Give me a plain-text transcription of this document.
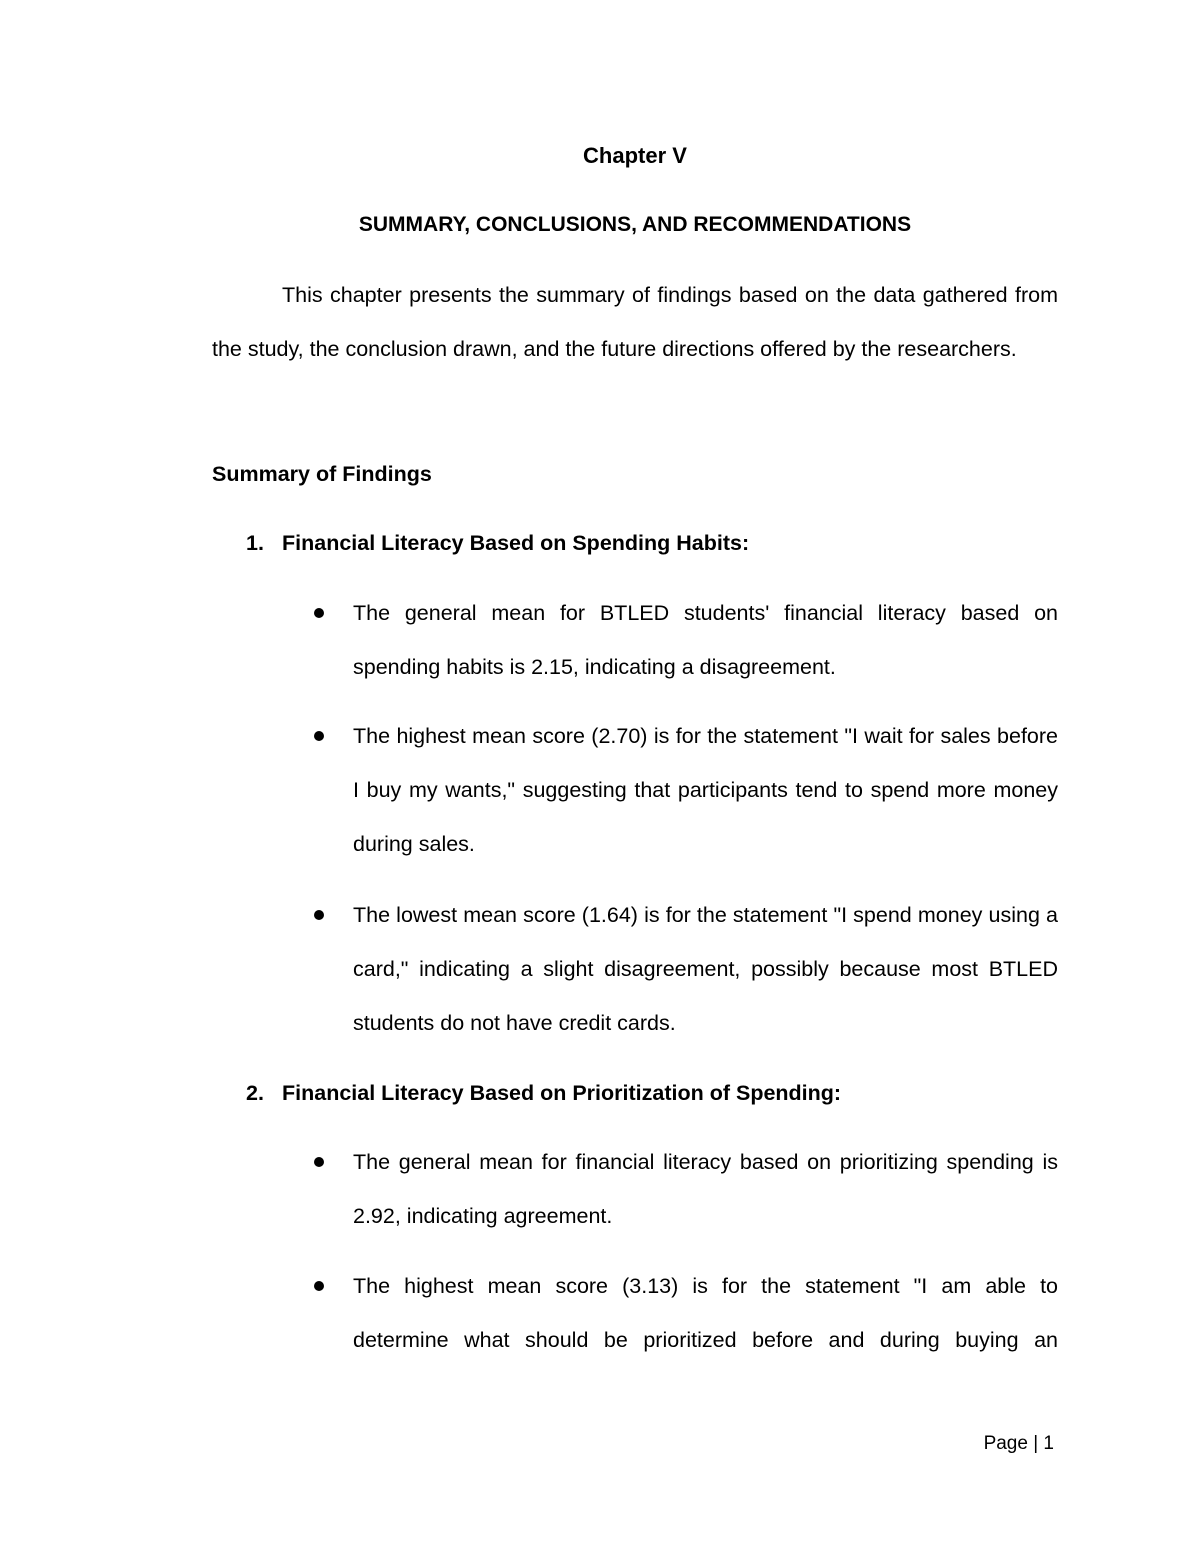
Chapter V
SUMMARY, CONCLUSIONS, AND RECOMMENDATIONS
This chapter presents the summary of findings based on the data gathered from the study, the conclusion drawn, and the future directions offered by the researchers.
Summary of Findings
1. Financial Literacy Based on Spending Habits:
The general mean for BTLED students' financial literacy based on spending habits is 2.15, indicating a disagreement.
The highest mean score (2.70) is for the statement "I wait for sales before I buy my wants," suggesting that participants tend to spend more money during sales.
The lowest mean score (1.64) is for the statement "I spend money using a card," indicating a slight disagreement, possibly because most BTLED students do not have credit cards.
2. Financial Literacy Based on Prioritization of Spending:
The general mean for financial literacy based on prioritizing spending is 2.92, indicating agreement.
The highest mean score (3.13) is for the statement "I am able to determine what should be prioritized before and during buying an
Page | 1
